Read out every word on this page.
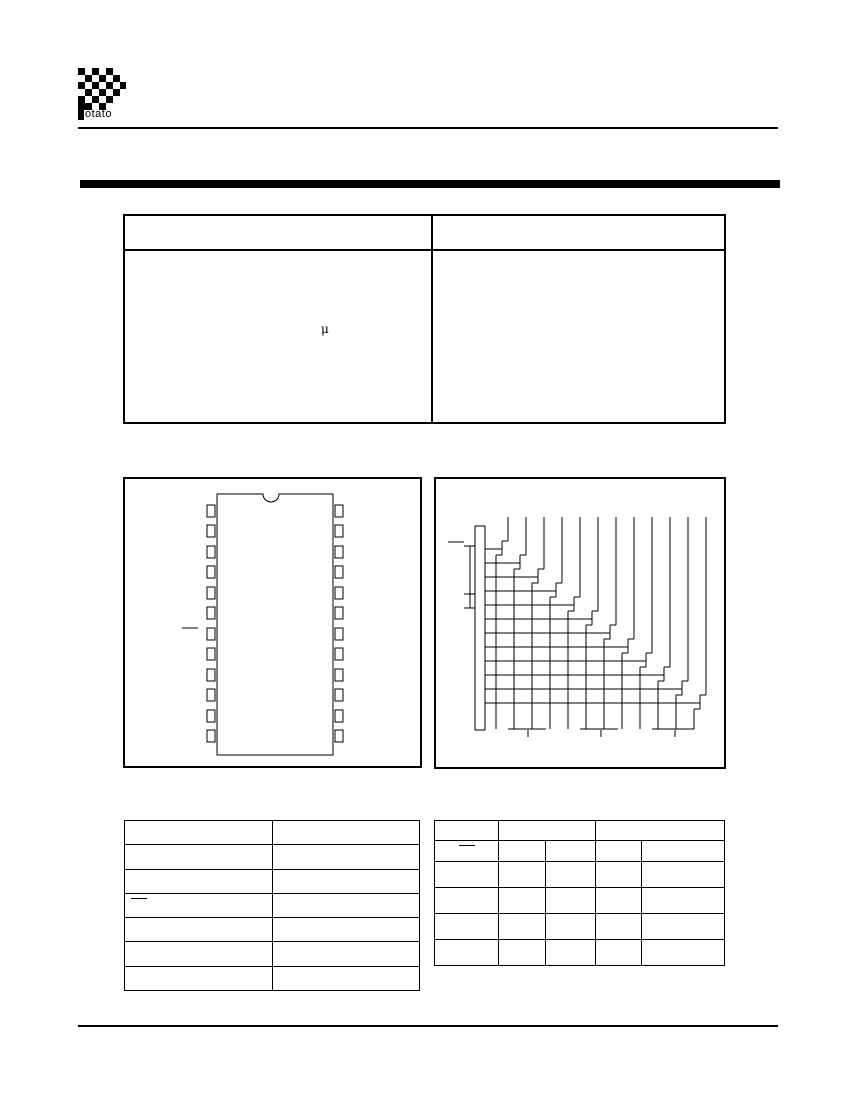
otato
μ
